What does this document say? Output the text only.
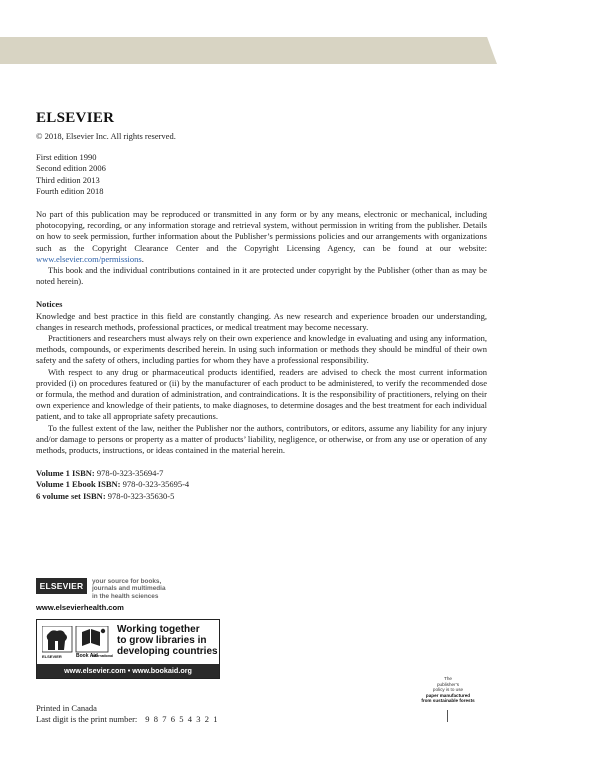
ELSEVIER

© 2018, Elsevier Inc. All rights reserved.

First edition 1990

Second edition 2006

Third edition 2013

Fourth edition 2018

No part of this publication may be reproduced or transmitted in any form or by any means, electronic or mechanical, including photocopying, recording, or any information storage and retrieval system, without permission in writing from the publisher. Details on how to seek permission, further information about the Publisher’s permissions policies and our arrangements with organizations such as the Copyright Clearance Center and the Copyright Licensing Agency, can be found at our website: www.elsevier.com/permissions.

This book and the individual contributions contained in it are protected under copyright by the Publisher (other than as may be noted herein).

Notices

Knowledge and best practice in this field are constantly changing. As new research and experience broaden our understanding, changes in research methods, professional practices, or medical treatment may become necessary.

Practitioners and researchers must always rely on their own experience and knowledge in evaluating and using any information, methods, compounds, or experiments described herein. In using such information or methods they should be mindful of their own safety and the safety of others, including parties for whom they have a professional responsibility.

With respect to any drug or pharmaceutical products identified, readers are advised to check the most current information provided (i) on procedures featured or (ii) by the manufacturer of each product to be administered, to verify the recommended dose or formula, the method and duration of administration, and contraindications. It is the responsibility of practitioners, relying on their own experience and knowledge of their patients, to make diagnoses, to determine dosages and the best treatment for each individual patient, and to take all appropriate safety precautions.

To the fullest extent of the law, neither the Publisher nor the authors, contributors, or editors, assume any liability for any injury and/or damage to persons or property as a matter of products’ liability, negligence, or otherwise, or from any use or operation of any methods, products, instructions, or ideas contained in the material herein.

Volume 1 ISBN: 978-0-323-35694-7

Volume 1 Ebook ISBN: 978-0-323-35695-4

6 volume set ISBN: 978-0-323-35630-5

ELSEVIER	your source for books,
journals and multimedia
in the health sciences
www.elsevierhealth.com
ELSEVIER	Book Aid
International
Working together
to grow libraries in
developing countries
www.elsevier.com • www.bookaid.org
The
publisher’s
policy is to use
paper manufactured
from sustainable forests

Printed in Canada

Last digit is the print number: 9  8  7  6  5  4  3  2  1
